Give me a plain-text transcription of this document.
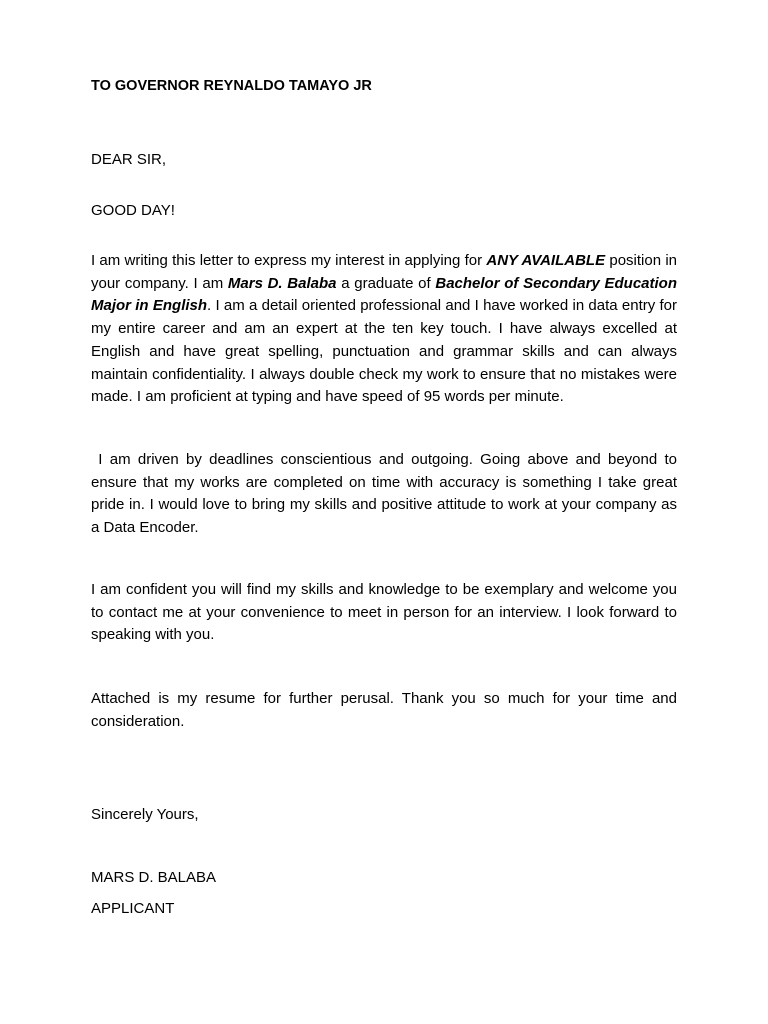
TO GOVERNOR REYNALDO TAMAYO JR

DEAR SIR,

GOOD DAY!

I am writing this letter to express my interest in applying for ANY AVAILABLE position in your company. I am Mars D. Balaba a graduate of Bachelor of Secondary Education Major in English. I am a detail oriented professional and I have worked in data entry for my entire career and am an expert at the ten key touch. I have always excelled at English and have great spelling, punctuation and grammar skills and can always maintain confidentiality. I always double check my work to ensure that no mistakes were made. I am proficient at typing and have speed of 95 words per minute.

I am driven by deadlines conscientious and outgoing. Going above and beyond to ensure that my works are completed on time with accuracy is something I take great pride in. I would love to bring my skills and positive attitude to work at your company as a Data Encoder.

I am confident you will find my skills and knowledge to be exemplary and welcome you to contact me at your convenience to meet in person for an interview. I look forward to speaking with you.

Attached is my resume for further perusal. Thank you so much for your time and consideration.

Sincerely Yours,

MARS D. BALABA

APPLICANT
